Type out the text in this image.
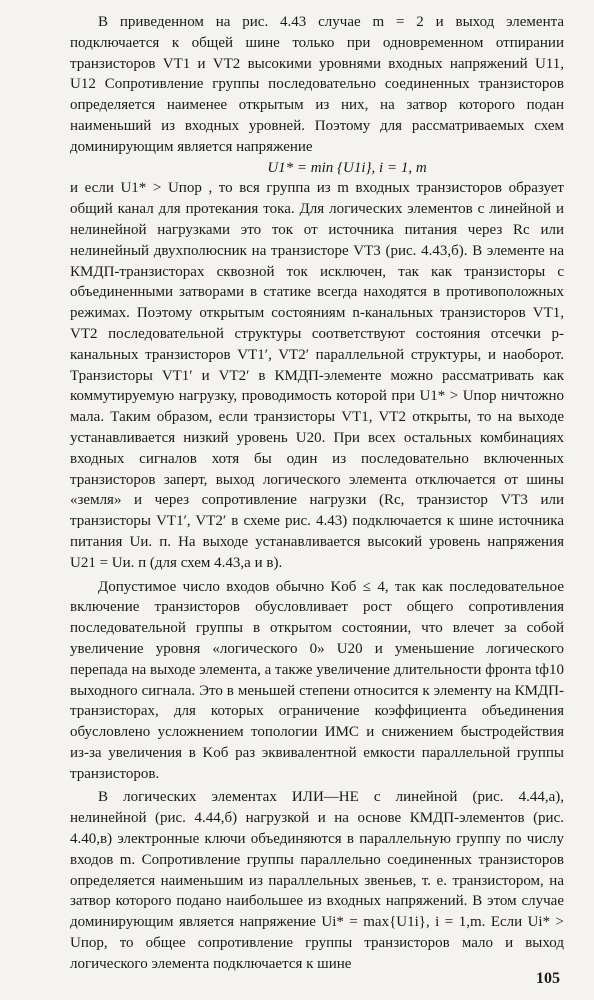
В приведенном на рис. 4.43 случае m = 2 и выход элемента подключается к общей шине только при одновременном отпирании транзисторов VT1 и VT2 высокими уровнями входных напряжений U11, U12 Сопротивление группы последовательно соединенных транзисторов определяется наименее открытым из них, на затвор которого подан наименьший из входных уровней. Поэтому для рассматриваемых схем доминирующим является напряжение

U1* = min {U1i}, i = 1, m

и если U1* > Uпор , то вся группа из m входных транзисторов образует общий канал для протекания тока. Для логических элементов с линейной и нелинейной нагрузками это ток от источника питания через Rс или нелинейный двухполюсник на транзисторе VT3 (рис. 4.43,б). В элементе на КМДП-транзисторах сквозной ток исключен, так как транзисторы с объединенными затворами в статике всегда находятся в противоположных режимах. Поэтому открытым состояниям n-канальных транзисторов VT1, VT2 последовательной структуры соответствуют состояния отсечки p-канальных транзисторов VT1′, VT2′ параллельной структуры, и наоборот. Транзисторы VT1′ и VT2′ в КМДП-элементе можно рассматривать как коммутируемую нагрузку, проводимость которой при U1* > Uпор ничтожно мала. Таким образом, если транзисторы VT1, VT2 открыты, то на выходе устанавливается низкий уровень U20. При всех остальных комбинациях входных сигналов хотя бы один из последовательно включенных транзисторов заперт, выход логического элемента отключается от шины «земля» и через сопротивление нагрузки (Rс, транзистор VT3 или транзисторы VT1′, VT2′ в схеме рис. 4.43) подключается к шине источника питания Uи. п. На выходе устанавливается высокий уровень напряжения U21 = Uи. п (для схем 4.43,а и в).

Допустимое число входов обычно Kоб ≤ 4, так как последовательное включение транзисторов обусловливает рост общего сопротивления последовательной группы в открытом состоянии, что влечет за собой увеличение уровня «логического 0» U20 и уменьшение логического перепада на выходе элемента, а также увеличение длительности фронта tф10 выходного сигнала. Это в меньшей степени относится к элементу на КМДП-транзисторах, для которых ограничение коэффициента объединения обусловлено усложнением топологии ИМС и снижением быстродействия из-за увеличения в Kоб раз эквивалентной емкости параллельной группы транзисторов.

В логических элементах ИЛИ—НЕ с линейной (рис. 4.44,а), нелинейной (рис. 4.44,б) нагрузкой и на основе КМДП-элементов (рис. 4.40,в) электронные ключи объединяются в параллельную группу по числу входов m. Сопротивление группы параллельно соединенных транзисторов определяется наименьшим из параллельных звеньев, т. е. транзистором, на затвор которого подано наибольшее из входных напряжений. В этом случае доминирующим является напряжение Ui* = max{U1i}, i = 1,m. Если Ui* > Uпор, то общее сопротивление группы транзисторов мало и выход логического элемента подключается к шине

105
